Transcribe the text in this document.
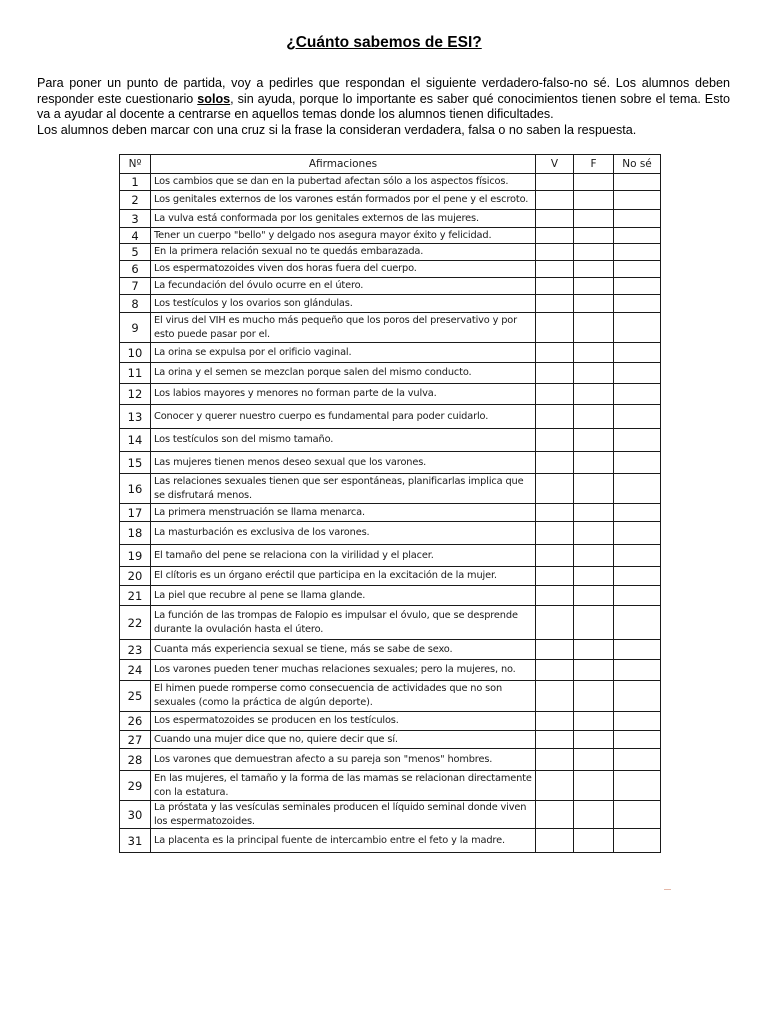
¿Cuánto sabemos de ESI?

Para poner un punto de partida, voy a pedirles que respondan el siguiente verdadero-falso-no sé. Los alumnos deben responder este cuestionario solos, sin ayuda, porque lo importante es saber qué conocimientos tienen sobre el tema. Esto va a ayudar al docente a centrarse en aquellos temas donde los alumnos tienen dificultades.

Los alumnos deben marcar con una cruz si la frase la consideran verdadera, falsa o no saben la respuesta.

Nº	Afirmaciones	V	F	No sé
1	Los cambios que se dan en la pubertad afectan sólo a los aspectos físicos.			
2	Los genitales externos de los varones están formados por el pene y el escroto.			
3	La vulva está conformada por los genitales externos de las mujeres.			
4	Tener un cuerpo "bello" y delgado nos asegura mayor éxito y felicidad.			
5	En la primera relación sexual no te quedás embarazada.			
6	Los espermatozoides viven dos horas fuera del cuerpo.			
7	La fecundación del óvulo ocurre en el útero.			
8	Los testículos y los ovarios son glándulas.			
9	El virus del VIH es mucho más pequeño que los poros del preservativo y por esto puede pasar por el.			
10	La orina se expulsa por el orificio vaginal.			
11	La orina y el semen se mezclan porque salen del mismo conducto.			
12	Los labios mayores y menores no forman parte de la vulva.			
13	Conocer y querer nuestro cuerpo es fundamental para poder cuidarlo.			
14	Los testículos son del mismo tamaño.			
15	Las mujeres tienen menos deseo sexual que los varones.			
16	Las relaciones sexuales tienen que ser espontáneas, planificarlas implica que se disfrutará menos.			
17	La primera menstruación se llama menarca.			
18	La masturbación es exclusiva de los varones.			
19	El tamaño del pene se relaciona con la virilidad y el placer.			
20	El clítoris es un órgano eréctil que participa en la excitación de la mujer.			
21	La piel que recubre al pene se llama glande.			
22	La función de las trompas de Falopio es impulsar el óvulo, que se desprende durante la ovulación hasta el útero.			
23	Cuanta más experiencia sexual se tiene, más se sabe de sexo.			
24	Los varones pueden tener muchas relaciones sexuales; pero la mujeres, no.			
25	El himen puede romperse como consecuencia de actividades que no son sexuales (como la práctica de algún deporte).			
26	Los espermatozoides se producen en los testículos.			
27	Cuando una mujer dice que no, quiere decir que sí.			
28	Los varones que demuestran afecto a su pareja son "menos" hombres.			
29	En las mujeres, el tamaño y la forma de las mamas se relacionan directamente con la estatura.			
30	La próstata y las vesículas seminales producen el líquido seminal donde viven los espermatozoides.			
31	La placenta es la principal fuente de intercambio entre el feto y la madre.			
